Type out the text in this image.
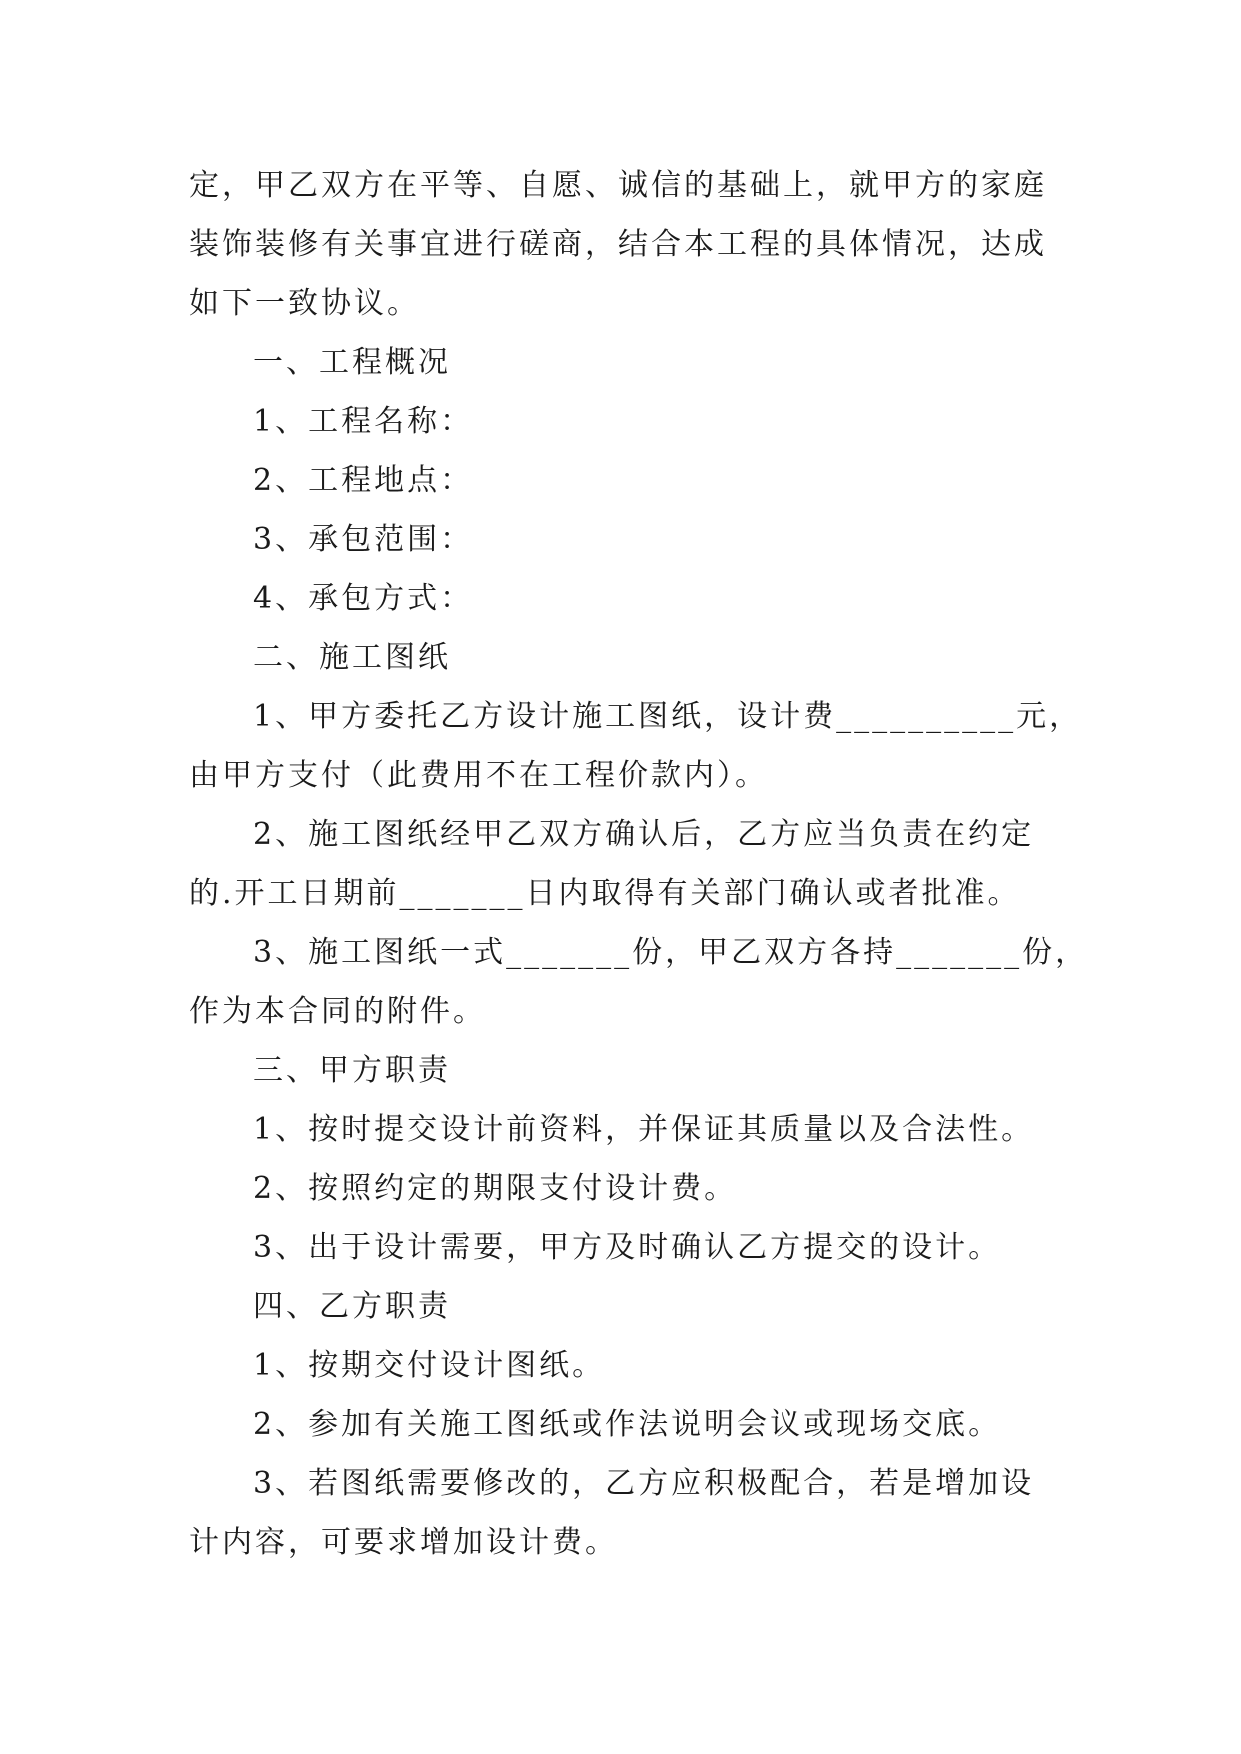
定，甲乙双方在平等、自愿、诚信的基础上，就甲方的家庭
装饰装修有关事宜进行磋商，结合本工程的具体情况，达成
如下一致协议。
一、工程概况
1、工程名称：
2、工程地点：
3、承包范围：
4、承包方式：
二、施工图纸
1、甲方委托乙方设计施工图纸，设计费__________元，
由甲方支付（此费用不在工程价款内）。
2、施工图纸经甲乙双方确认后，乙方应当负责在约定
的.开工日期前_______日内取得有关部门确认或者批准。
3、施工图纸一式_______份，甲乙双方各持_______份，
作为本合同的附件。
三、甲方职责
1、按时提交设计前资料，并保证其质量以及合法性。
2、按照约定的期限支付设计费。
3、出于设计需要，甲方及时确认乙方提交的设计。
四、乙方职责
1、按期交付设计图纸。
2、参加有关施工图纸或作法说明会议或现场交底。
3、若图纸需要修改的，乙方应积极配合，若是增加设
计内容，可要求增加设计费。
